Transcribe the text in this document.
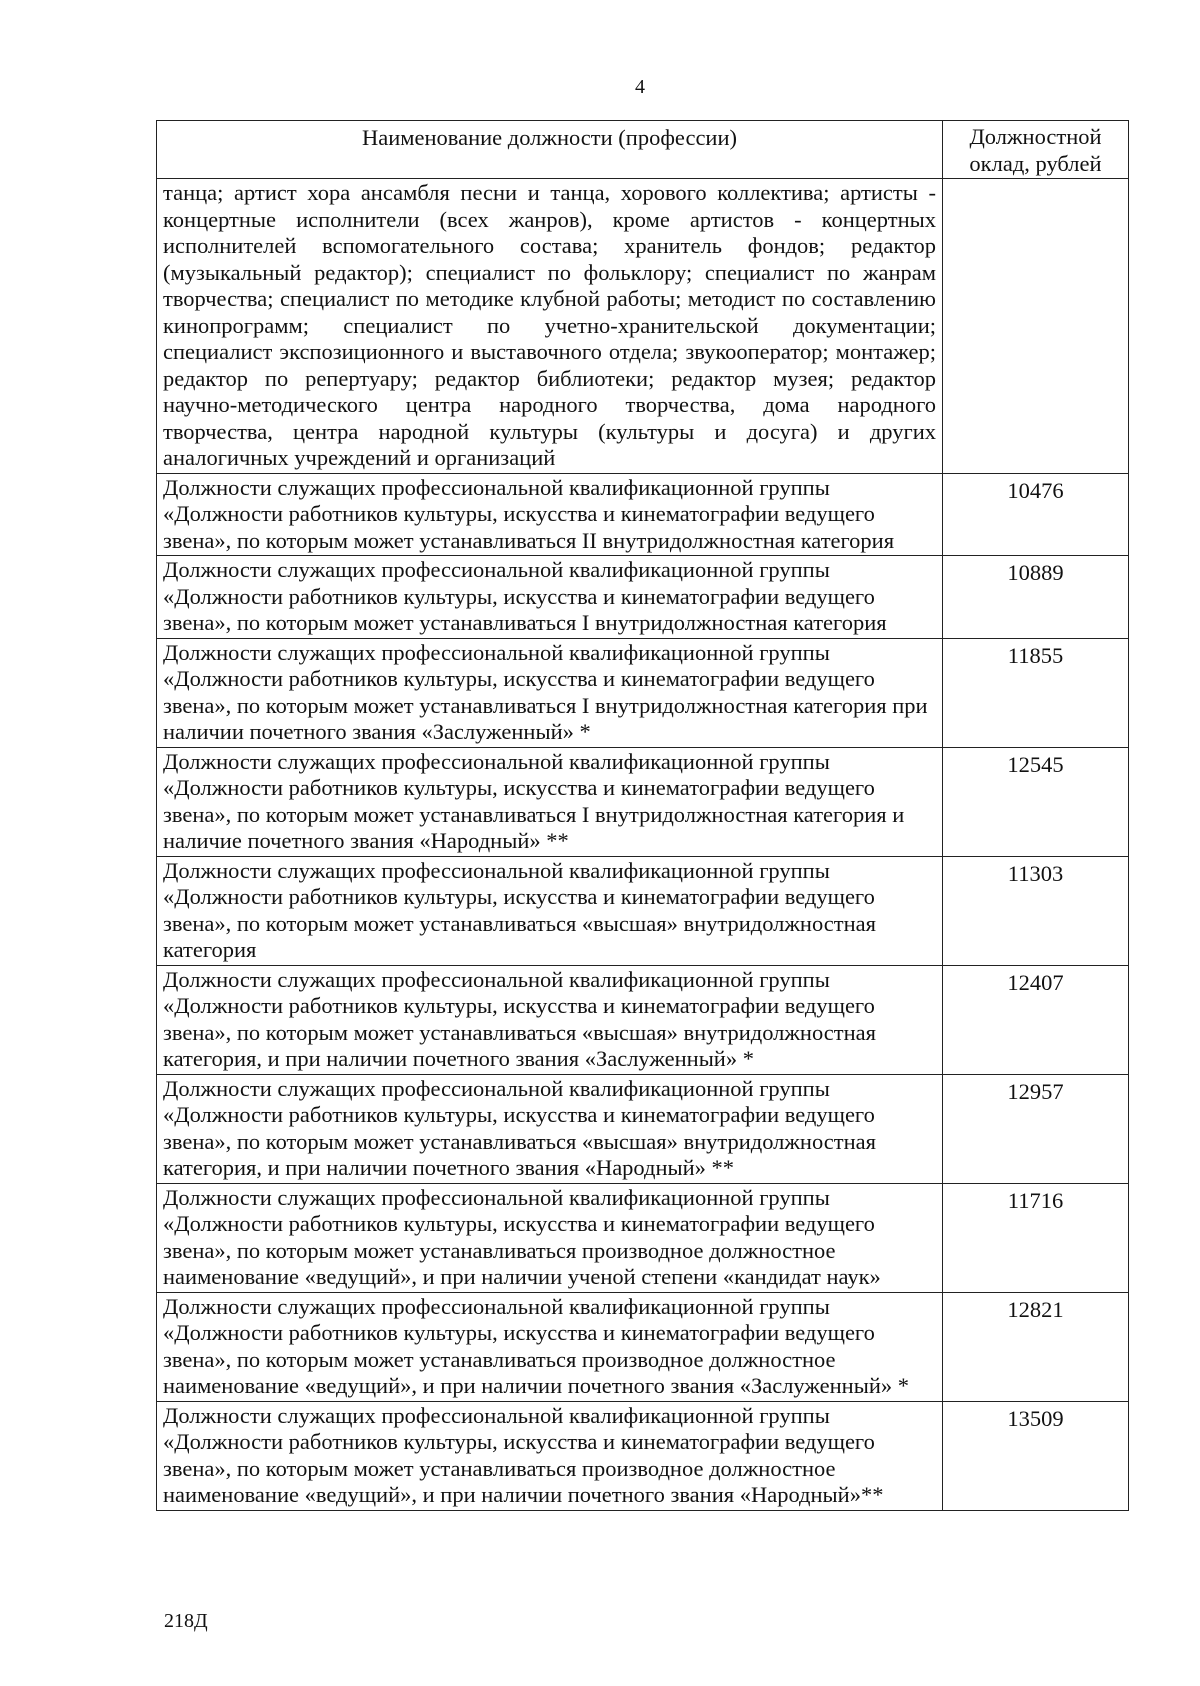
4
Наименование должности (профессии)	Должностной оклад, рублей
танца; артист хора ансамбля песни и танца, хорового коллектива; артисты - концертные исполнители (всех жанров), кроме артистов - концертных исполнителей вспомогательного состава; хранитель фондов; редактор (музыкальный редактор); специалист по фольклору; специалист по жанрам творчества; специалист по методике клубной работы; методист по составлению кинопрограмм; специалист по учетно-хранительской документации; специалист экспозиционного и выставочного отдела; звукооператор; монтажер; редактор по репертуару; редактор библиотеки; редактор музея; редактор научно-методического центра народного творчества, дома народного творчества, центра народной культуры (культуры и досуга) и других аналогичных учреждений и организаций	
Должности служащих профессиональной квалификационной группы «Должности работников культуры, искусства и кинематографии ведущего звена», по которым может устанавливаться II внутридолжностная категория	10476
Должности служащих профессиональной квалификационной группы «Должности работников культуры, искусства и кинематографии ведущего звена», по которым может устанавливаться I внутридолжностная категория	10889
Должности служащих профессиональной квалификационной группы «Должности работников культуры, искусства и кинематографии ведущего звена», по которым может устанавливаться I внутридолжностная категория при наличии почетного звания «Заслуженный» *	11855
Должности служащих профессиональной квалификационной группы «Должности работников культуры, искусства и кинематографии ведущего звена», по которым может устанавливаться I внутридолжностная категория и наличие почетного звания «Народный» **	12545
Должности служащих профессиональной квалификационной группы «Должности работников культуры, искусства и кинематографии ведущего звена», по которым может устанавливаться «высшая» внутридолжностная категория	11303
Должности служащих профессиональной квалификационной группы «Должности работников культуры, искусства и кинематографии ведущего звена», по которым может устанавливаться «высшая» внутридолжностная категория, и при наличии почетного звания «Заслуженный» *	12407
Должности служащих профессиональной квалификационной группы «Должности работников культуры, искусства и кинематографии ведущего звена», по которым может устанавливаться «высшая» внутридолжностная категория, и при наличии почетного звания «Народный» **	12957
Должности служащих профессиональной квалификационной группы «Должности работников культуры, искусства и кинематографии ведущего звена», по которым может устанавливаться производное должностное наименование «ведущий», и при наличии ученой степени «кандидат наук»	11716
Должности служащих профессиональной квалификационной группы «Должности работников культуры, искусства и кинематографии ведущего звена», по которым может устанавливаться производное должностное наименование «ведущий», и при наличии почетного звания «Заслуженный» *	12821
Должности служащих профессиональной квалификационной группы «Должности работников культуры, искусства и кинематографии ведущего звена», по которым может устанавливаться производное должностное наименование «ведущий», и при наличии почетного звания «Народный»**	13509
218Д
